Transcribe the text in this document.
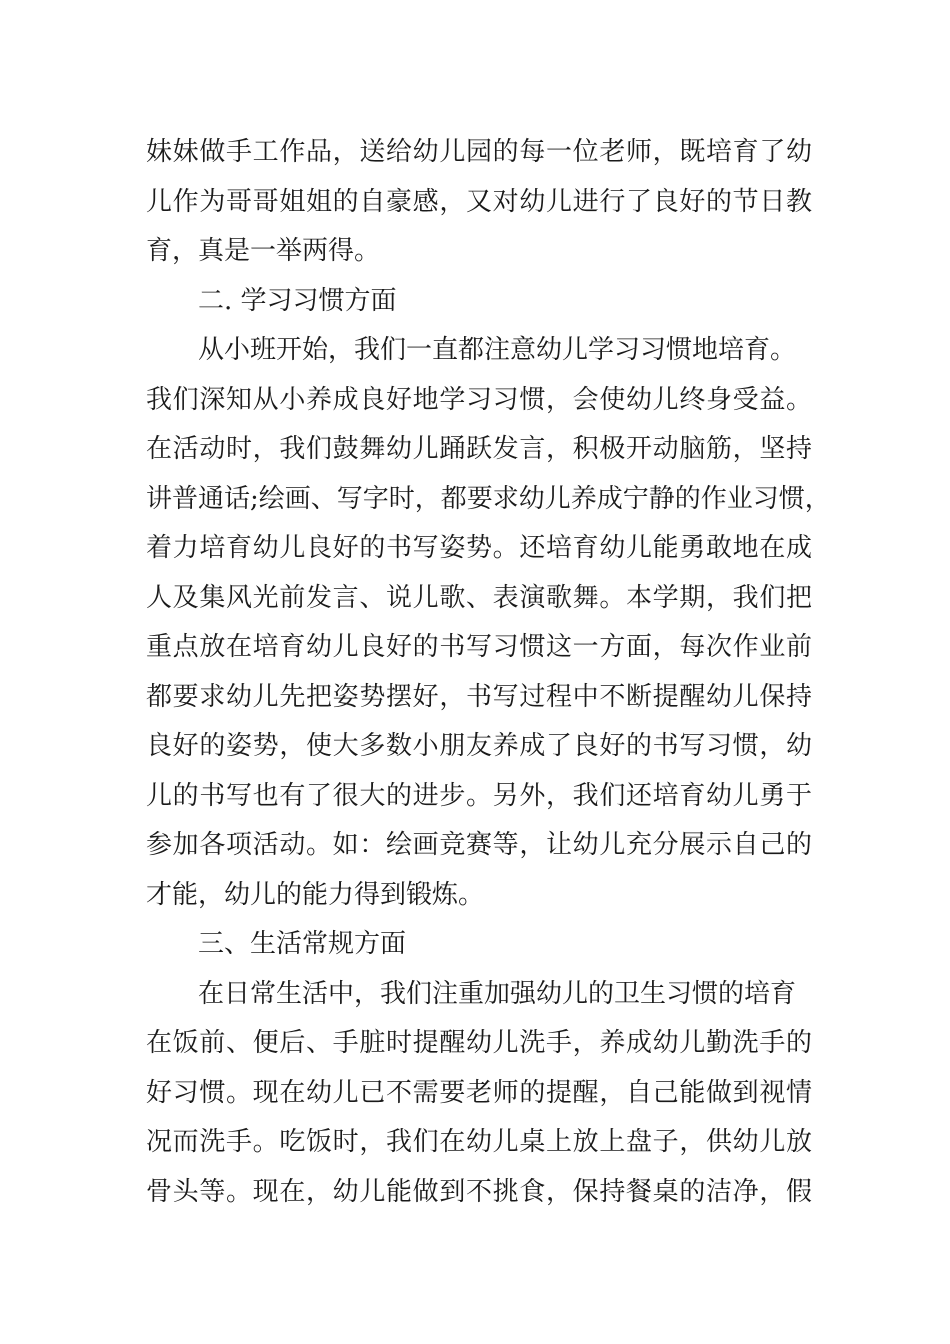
妹妹做手工作品，送给幼儿园的每一位老师，既培育了幼
儿作为哥哥姐姐的自豪感，又对幼儿进行了良好的节日教
育，真是一举两得。
二. 学习习惯方面
从小班开始，我们一直都注意幼儿学习习惯地培育。
我们深知从小养成良好地学习习惯，会使幼儿终身受益。
在活动时，我们鼓舞幼儿踊跃发言，积极开动脑筋，坚持
讲普通话;绘画、写字时，都要求幼儿养成宁静的作业习惯，
着力培育幼儿良好的书写姿势。还培育幼儿能勇敢地在成
人及集风光前发言、说儿歌、表演歌舞。本学期，我们把
重点放在培育幼儿良好的书写习惯这一方面，每次作业前
都要求幼儿先把姿势摆好，书写过程中不断提醒幼儿保持
良好的姿势，使大多数小朋友养成了良好的书写习惯，幼
儿的书写也有了很大的进步。另外，我们还培育幼儿勇于
参加各项活动。如：绘画竞赛等，让幼儿充分展示自己的
才能，幼儿的能力得到锻炼。
三、生活常规方面
在日常生活中，我们注重加强幼儿的卫生习惯的培育
在饭前、便后、手脏时提醒幼儿洗手，养成幼儿勤洗手的
好习惯。现在幼儿已不需要老师的提醒，自己能做到视情
况而洗手。吃饭时，我们在幼儿桌上放上盘子，供幼儿放
骨头等。现在，幼儿能做到不挑食，保持餐桌的洁净，假
